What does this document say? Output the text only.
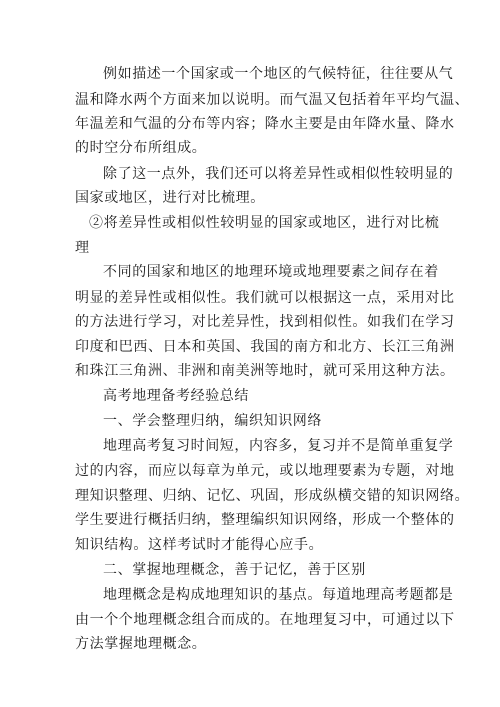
例如描述一个国家或一个地区的气候特征，往往要从气
温和降水两个方面来加以说明。而气温又包括着年平均气温、
年温差和气温的分布等内容；降水主要是由年降水量、降水
的时空分布所组成。
除了这一点外，我们还可以将差异性或相似性较明显的
国家或地区，进行对比梳理。
②将差异性或相似性较明显的国家或地区，进行对比梳
理
不同的国家和地区的地理环境或地理要素之间存在着
明显的差异性或相似性。我们就可以根据这一点，采用对比
的方法进行学习，对比差异性，找到相似性。如我们在学习
印度和巴西、日本和英国、我国的南方和北方、长江三角洲
和珠江三角洲、非洲和南美洲等地时，就可采用这种方法。
高考地理备考经验总结
一、学会整理归纳，编织知识网络
地理高考复习时间短，内容多，复习并不是简单重复学
过的内容，而应以每章为单元，或以地理要素为专题，对地
理知识整理、归纳、记忆、巩固，形成纵横交错的知识网络。
学生要进行概括归纳，整理编织知识网络，形成一个整体的
知识结构。这样考试时才能得心应手。
二、掌握地理概念，善于记忆，善于区别
地理概念是构成地理知识的基点。每道地理高考题都是
由一个个地理概念组合而成的。在地理复习中，可通过以下
方法掌握地理概念。
